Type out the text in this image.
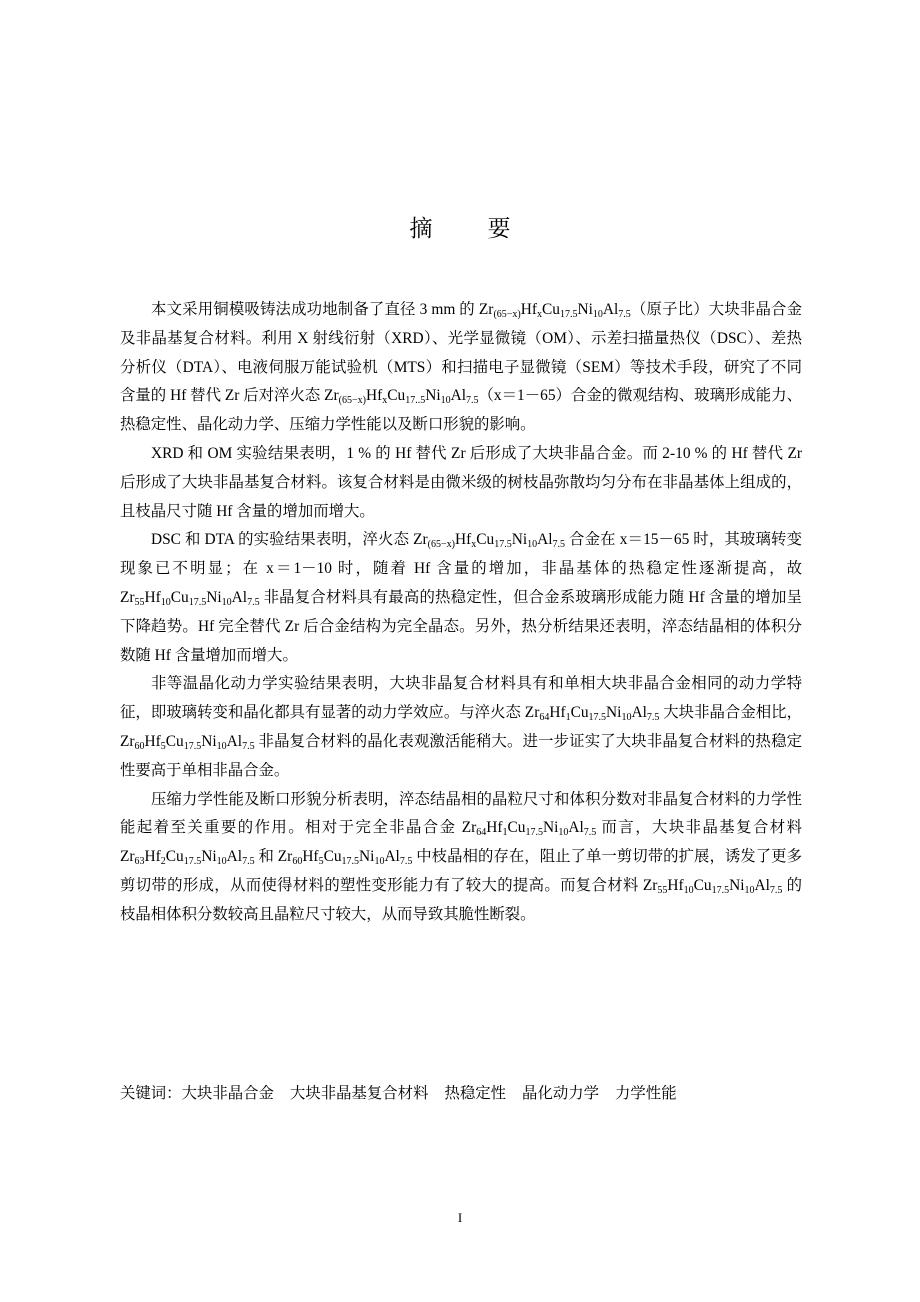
摘　要

本文采用铜模吸铸法成功地制备了直径 3 mm 的 $Zr_{(65-x)}Hf_xCu_{17.5}Ni_{10}Al_{7.5}$（原子比）大块非晶合金及非晶基复合材料。利用 X 射线衍射（XRD）、光学显微镜（OM）、示差扫描量热仪（DSC）、差热分析仪（DTA）、电液伺服万能试验机（MTS）和扫描电子显微镜（SEM）等技术手段，研究了不同含量的 Hf 替代 Zr 后对淬火态 $Zr_{(65-x)}Hf_xCu_{17..5}Ni_{10}Al_{7.5}(x=1-65)$合金的微观结构、玻璃形成能力、热稳定性、晶化动力学、压缩力学性能以及断口形貌的影响。

XRD 和 OM 实验结果表明，1 % 的 Hf 替代 Zr 后形成了大块非晶合金。而 2-10 % 的 Hf 替代 Zr 后形成了大块非晶基复合材料。该复合材料是由微米级的树枝晶弥散均匀分布在非晶基体上组成的，且枝晶尺寸随 Hf 含量的增加而增大。

DSC 和 DTA 的实验结果表明，淬火态 $Zr_{(65-x)}Hf_xCu_{17.5}Ni_{10}Al_{7.5}$ 合金在 x＝15－65 时，其玻璃转变现象已不明显；在 x＝1－10 时，随着 Hf 含量的增加，非晶基体的热稳定性逐渐提高，故 $Zr_{55}Hf_{10}Cu_{17.5}Ni_{10}Al_{7.5}$ 非晶复合材料具有最高的热稳定性，但合金系玻璃形成能力随 Hf 含量的增加呈下降趋势。Hf 完全替代 Zr 后合金结构为完全晶态。另外，热分析结果还表明，淬态结晶相的体积分数随 Hf 含量增加而增大。

非等温晶化动力学实验结果表明，大块非晶复合材料具有和单相大块非晶合金相同的动力学特征，即玻璃转变和晶化都具有显著的动力学效应。与淬火态 $Zr_{64}Hf_1Cu_{17.5}Ni_{10}Al_{7.5}$ 大块非晶合金相比，$Zr_{60}Hf_5Cu_{17.5}Ni_{10}Al_{7.5}$ 非晶复合材料的晶化表观激活能稍大。进一步证实了大块非晶复合材料的热稳定性要高于单相非晶合金。

压缩力学性能及断口形貌分析表明，淬态结晶相的晶粒尺寸和体积分数对非晶复合材料的力学性能起着至关重要的作用。相对于完全非晶合金 $Zr_{64}Hf_1Cu_{17.5}Ni_{10}Al_{7.5}$ 而言，大块非晶基复合材料 $Zr_{63}Hf_2Cu_{17.5}Ni_{10}Al_{7.5}$ 和 $Zr_{60}Hf_5Cu_{17.5}Ni_{10}Al_{7.5}$ 中枝晶相的存在，阻止了单一剪切带的扩展，诱发了更多剪切带的形成，从而使得材料的塑性变形能力有了较大的提高。而复合材料 $Zr_{55}Hf_{10}Cu_{17.5}Ni_{10}Al_{7.5}$ 的枝晶相体积分数较高且晶粒尺寸较大，从而导致其脆性断裂。

关键词：大块非晶合金 大块非晶基复合材料 热稳定性 晶化动力学 力学性能
I
